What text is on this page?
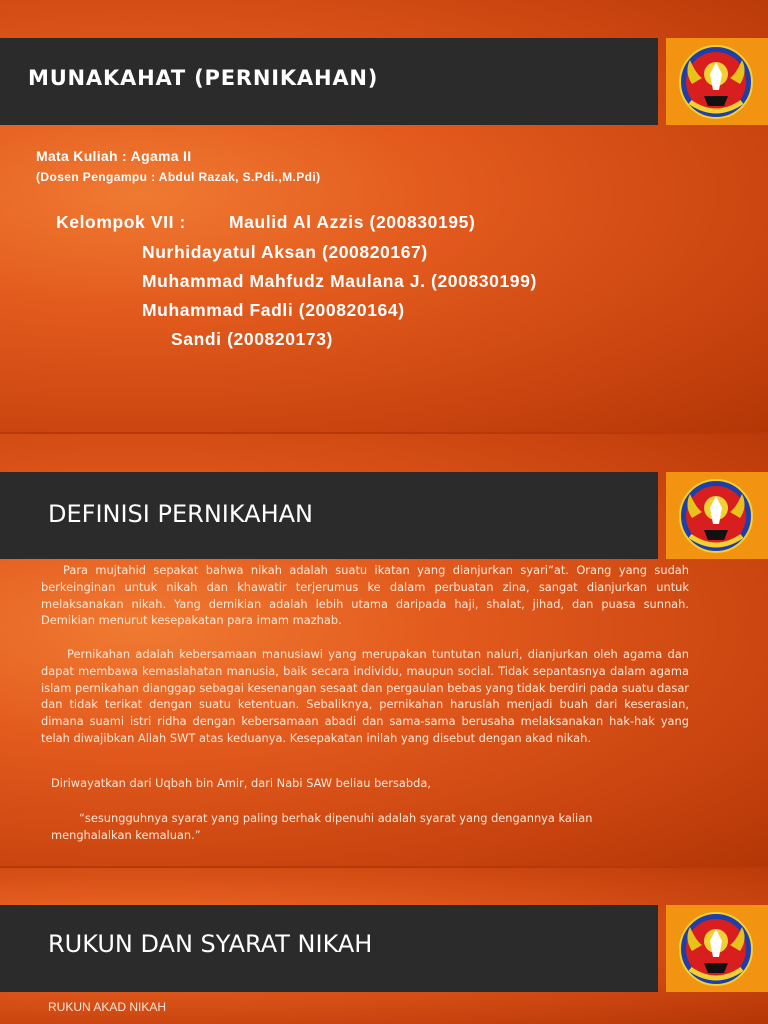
MUNAKAHAT (PERNIKAHAN)
Mata Kuliah : Agama II
(Dosen Pengampu : Abdul Razak, S.Pdi.,M.Pdi)
Kelompok VII : Maulid Al Azzis (200830195)
Nurhidayatul Aksan (200820167)
Muhammad Mahfudz Maulana J. (200830199)
Muhammad Fadli (200820164)
Sandi (200820173)
DEFINISI PERNIKAHAN

Para mujtahid sepakat bahwa nikah adalah suatu ikatan yang dianjurkan syari“at. Orang yang sudah berkeinginan untuk nikah dan khawatir terjerumus ke dalam perbuatan zina, sangat dianjurkan untuk melaksanakan nikah. Yang demikian adalah lebih utama daripada haji, shalat, jihad, dan puasa sunnah. Demikian menurut kesepakatan para imam mazhab.

Pernikahan adalah kebersamaan manusiawi yang merupakan tuntutan naluri, dianjurkan oleh agama dan dapat membawa kemaslahatan manusia, baik secara individu, maupun social. Tidak sepantasnya dalam agama islam pernikahan dianggap sebagai kesenangan sesaat dan pergaulan bebas yang tidak berdiri pada suatu dasar dan tidak terikat dengan suatu ketentuan. Sebaliknya, pernikahan haruslah menjadi buah dari keserasian, dimana suami istri ridha dengan kebersamaan abadi dan sama-sama berusaha melaksanakan hak-hak yang telah diwajibkan Allah SWT atas keduanya. Kesepakatan inilah yang disebut dengan akad nikah.

Diriwayatkan dari Uqbah bin Amir, dari Nabi SAW beliau bersabda,

“sesungguhnya syarat yang paling berhak dipenuhi adalah syarat yang dengannya kalian menghalalkan kemaluan.”

RUKUN DAN SYARAT NIKAH
RUKUN AKAD NIKAH
